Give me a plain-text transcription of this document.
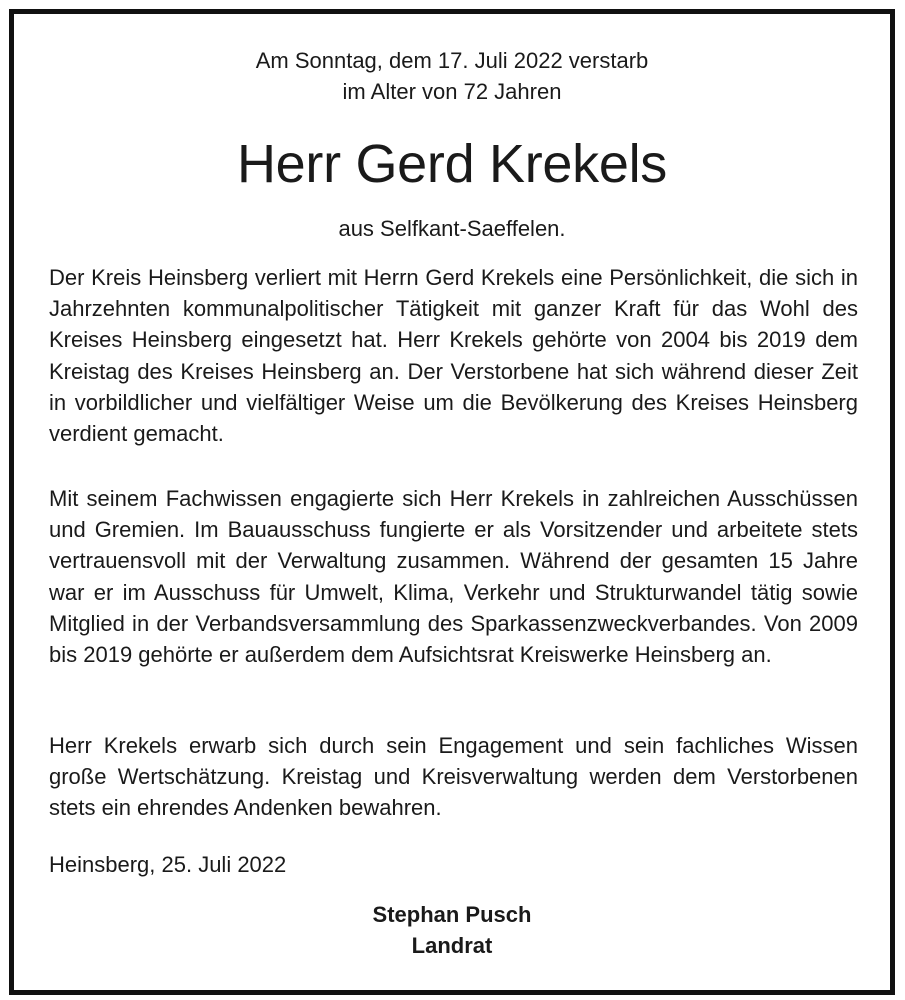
Am Sonntag, dem 17. Juli 2022 verstarb
im Alter von 72 Jahren
Herr Gerd Krekels
aus Selfkant-Saeffelen.

Der Kreis Heinsberg verliert mit Herrn Gerd Krekels eine Persönlichkeit, die sich in Jahrzehnten kommunalpolitischer Tätigkeit mit ganzer Kraft für das Wohl des Kreises Heinsberg eingesetzt hat. Herr Krekels gehörte von 2004 bis 2019 dem Kreistag des Kreises Heinsberg an. Der Verstorbene hat sich während dieser Zeit in vorbildlicher und vielfältiger Weise um die Bevölkerung des Kreises Heinsberg verdient gemacht.

Mit seinem Fachwissen engagierte sich Herr Krekels in zahlreichen Ausschüssen und Gremien. Im Bauausschuss fungierte er als Vorsitzender und arbeitete stets vertrauensvoll mit der Verwaltung zusammen. Während der gesamten 15 Jahre war er im Ausschuss für Umwelt, Klima, Verkehr und Strukturwandel tätig sowie Mitglied in der Verbandsversammlung des Sparkassenzweckverbandes. Von 2009 bis 2019 gehörte er außerdem dem Aufsichtsrat Kreiswerke Heinsberg an.

Herr Krekels erwarb sich durch sein Engagement und sein fachliches Wissen große Wertschätzung. Kreistag und Kreisverwaltung werden dem Verstorbenen stets ein ehrendes Andenken bewahren.

Heinsberg, 25. Juli 2022
Stephan Pusch
Landrat
